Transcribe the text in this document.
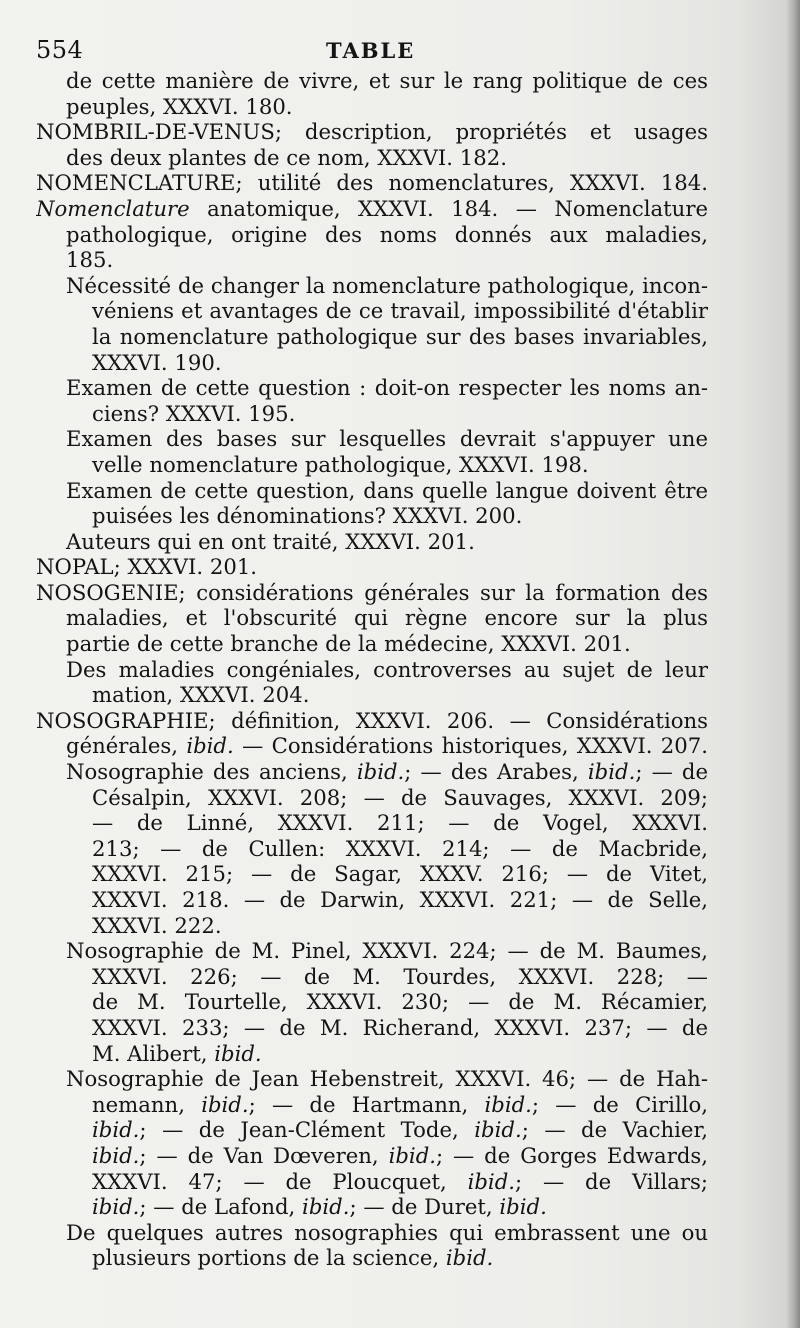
554	TABLE
de cette manière de vivre, et sur le rang politique de ces
peuples, XXXVI. 180.
NOMBRIL-DE-VENUS; description, propriétés et usages
des deux plantes de ce nom, XXXVI. 182.
NOMENCLATURE; utilité des nomenclatures, XXXVI. 184.
Nomenclature anatomique, XXXVI. 184. — Nomenclature
pathologique, origine des noms donnés aux maladies,
185.
Nécessité de changer la nomenclature pathologique, incon-
véniens et avantages de ce travail, impossibilité d'établir
la nomenclature pathologique sur des bases invariables,
XXXVI. 190.
Examen de cette question : doit-on respecter les noms an-
ciens? XXXVI. 195.
Examen des bases sur lesquelles devrait s'appuyer une
velle nomenclature pathologique, XXXVI. 198.
Examen de cette question, dans quelle langue doivent être
puisées les dénominations? XXXVI. 200.
Auteurs qui en ont traité, XXXVI. 201.
NOPAL; XXXVI. 201.
NOSOGENIE; considérations générales sur la formation des
maladies, et l'obscurité qui règne encore sur la plus
partie de cette branche de la médecine, XXXVI. 201.
Des maladies congéniales, controverses au sujet de leur
mation, XXXVI. 204.
NOSOGRAPHIE; définition, XXXVI. 206. — Considérations
générales, ibid. — Considérations historiques, XXXVI. 207.
Nosographie des anciens, ibid.; — des Arabes, ibid.; — de
Césalpin, XXXVI. 208; — de Sauvages, XXXVI. 209;
— de Linné, XXXVI. 211; — de Vogel, XXXVI.
213; — de Cullen: XXXVI. 214; — de Macbride,
XXXVI. 215; — de Sagar, XXXV. 216; — de Vitet,
XXXVI. 218. — de Darwin, XXXVI. 221; — de Selle,
XXXVI. 222.
Nosographie de M. Pinel, XXXVI. 224; — de M. Baumes,
XXXVI. 226; — de M. Tourdes, XXXVI. 228; —
de M. Tourtelle, XXXVI. 230; — de M. Récamier,
XXXVI. 233; — de M. Richerand, XXXVI. 237; — de
M. Alibert, ibid.
Nosographie de Jean Hebenstreit, XXXVI. 46; — de Hah-
nemann, ibid.; — de Hartmann, ibid.; — de Cirillo,
ibid.; — de Jean-Clément Tode, ibid.; — de Vachier,
ibid.; — de Van Dœveren, ibid.; — de Gorges Edwards,
XXXVI. 47; — de Ploucquet, ibid.; — de Villars;
ibid.; — de Lafond, ibid.; — de Duret, ibid.
De quelques autres nosographies qui embrassent une ou
plusieurs portions de la science, ibid.
